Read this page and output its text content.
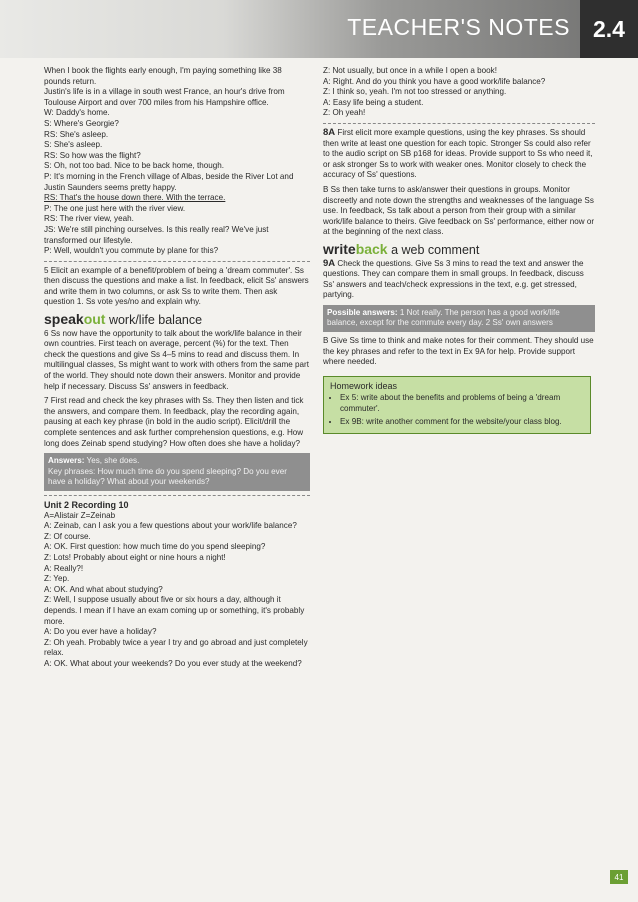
TEACHER'S NOTES	2.4

When I book the flights early enough, I'm paying something like 38 pounds return.

Justin's life is in a village in south west France, an hour's drive from Toulouse Airport and over 700 miles from his Hampshire office.

W: Daddy's home.

S: Where's Georgie?

RS: She's asleep.

S: She's asleep.

RS: So how was the flight?

S: Oh, not too bad. Nice to be back home, though.

P: It's morning in the French village of Albas, beside the River Lot and Justin Saunders seems pretty happy.

RS: That's the house down there. With the terrace.

P: The one just here with the river view.

RS: The river view, yeah.

JS: We're still pinching ourselves. Is this really real? We've just transformed our lifestyle.

P: Well, wouldn't you commute by plane for this?

5 Elicit an example of a benefit/problem of being a 'dream commuter'. Ss then discuss the questions and make a list. In feedback, elicit Ss' answers and write them in two columns, or ask Ss to write them. Then ask question 1. Ss vote yes/no and explain why.

speakout work/life balance

6 Ss now have the opportunity to talk about the work/life balance in their own countries. First teach on average, percent (%) for the text. Then check the questions and give Ss 4–5 mins to read and discuss them. In multilingual classes, Ss might want to work with others from the same part of the world. They should note down their answers. Monitor and provide help if necessary. Discuss Ss' answers in feedback.

7 First read and check the key phrases with Ss. They then listen and tick the answers, and compare them. In feedback, play the recording again, pausing at each key phrase (in bold in the audio script). Elicit/drill the complete sentences and ask further comprehension questions, e.g. How long does Zeinab spend studying? How often does she have a holiday?

Answers: Yes, she does.
Key phrases: How much time do you spend sleeping? Do you ever have a holiday? What about your weekends?

Unit 2 Recording 10

A=Alistair Z=Zeinab

A: Zeinab, can I ask you a few questions about your work/life balance?

Z: Of course.

A: OK. First question: how much time do you spend sleeping?

Z: Lots! Probably about eight or nine hours a night!

A: Really?!

Z: Yep.

A: OK. And what about studying?

Z: Well, I suppose usually about five or six hours a day, although it depends. I mean if I have an exam coming up or something, it's probably more.

A: Do you ever have a holiday?

Z: Oh yeah. Probably twice a year I try and go abroad and just completely relax.

A: OK. What about your weekends? Do you ever study at the weekend?

Z: Not usually, but once in a while I open a book!

A: Right. And do you think you have a good work/life balance?

Z: I think so, yeah. I'm not too stressed or anything.

A: Easy life being a student.

Z: Oh yeah!

8A First elicit more example questions, using the key phrases. Ss should then write at least one question for each topic. Stronger Ss could also refer to the audio script on SB p168 for ideas. Provide support to Ss who need it, or ask stronger Ss to work with weaker ones. Monitor closely to check the accuracy of Ss' questions.

B Ss then take turns to ask/answer their questions in groups. Monitor discreetly and note down the strengths and weaknesses of the language Ss use. In feedback, Ss talk about a person from their group with a similar work/life balance to theirs. Give feedback on Ss' performance, either now or at the beginning of the next class.

writeback a web comment

9A Check the questions. Give Ss 3 mins to read the text and answer the questions. They can compare them in small groups. In feedback, discuss Ss' answers and teach/check expressions in the text, e.g. get stressed, partying.

Possible answers: 1 Not really. The person has a good work/life balance, except for the commute every day. 2 Ss' own answers

B Give Ss time to think and make notes for their comment. They should use the key phrases and refer to the text in Ex 9A for help. Provide support where needed.

Homework ideas
• Ex 5: write about the benefits and problems of being a 'dream commuter'.
• Ex 9B: write another comment for the website/your class blog.
41
